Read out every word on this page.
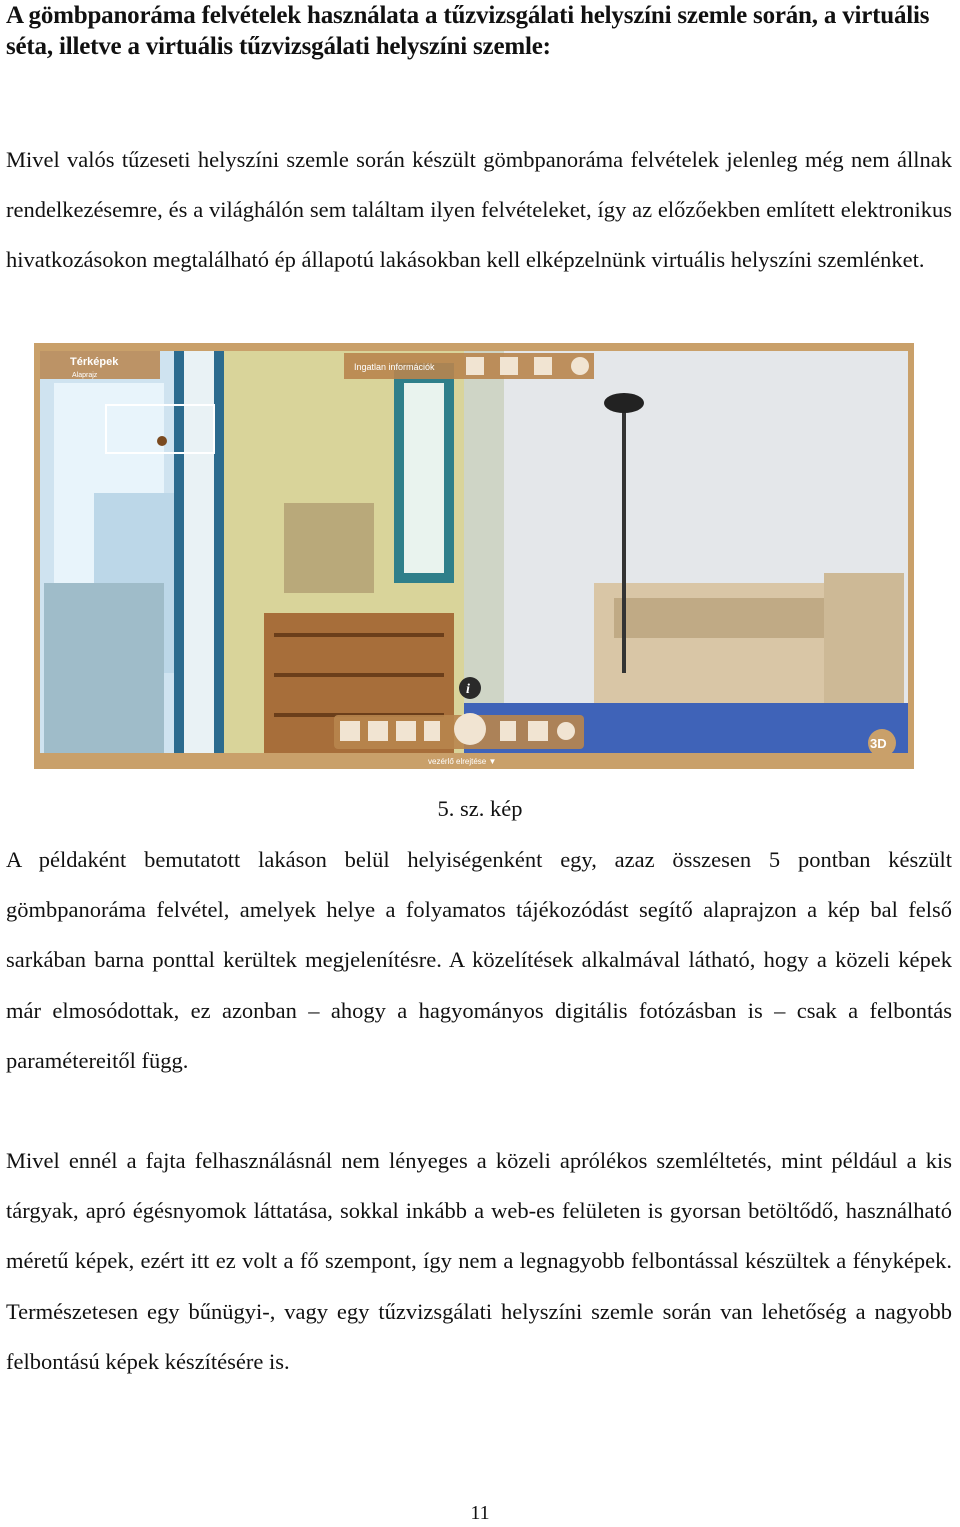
A gömbpanoráma felvételek használata a tűzvizsgálati helyszíni szemle során, a virtuális séta, illetve a virtuális tűzvizsgálati helyszíni szemle:

Mivel valós tűzeseti helyszíni szemle során készült gömbpanoráma felvételek jelenleg még nem állnak rendelkezésemre, és a világhálón sem találtam ilyen felvételeket, így az előzőekben említett elektronikus hivatkozásokon megtalálható ép állapotú lakásokban kell elképzelnünk virtuális helyszíni szemlénket.

Térképek
Alaprajz
Ingatlan információk
i
3D
vezérlő elrejtése ▼
5. sz. kép

A példaként bemutatott lakáson belül helyiségenként egy, azaz összesen 5 pontban készült gömbpanoráma felvétel, amelyek helye a folyamatos tájékozódást segítő alaprajzon a kép bal felső sarkában barna ponttal kerültek megjelenítésre. A közelítések alkalmával látható, hogy a közeli képek már elmosódottak, ez azonban – ahogy a hagyományos digitális fotózásban is – csak a felbontás paramétereitől függ.

Mivel ennél a fajta felhasználásnál nem lényeges a közeli aprólékos szemléltetés, mint például a kis tárgyak, apró égésnyomok láttatása, sokkal inkább a web-es felületen is gyorsan betöltődő, használható méretű képek, ezért itt ez volt a fő szempont, így nem a legnagyobb felbontással készültek a fényképek. Természetesen egy bűnügyi-, vagy egy tűzvizsgálati helyszíni szemle során van lehetőség a nagyobb felbontású képek készítésére is.

11
